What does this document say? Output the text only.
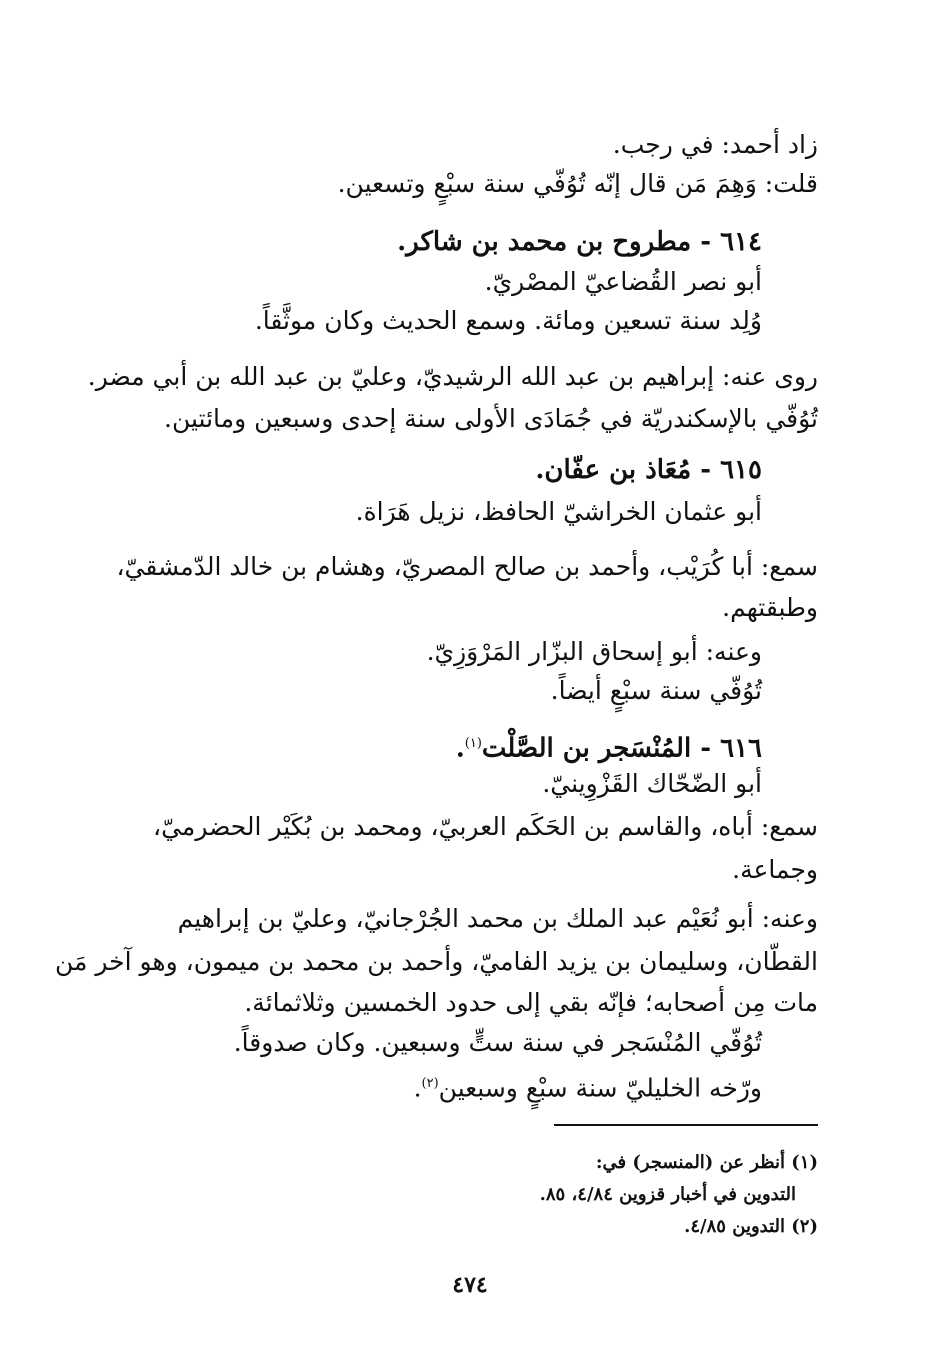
زاد أحمد: في رجب.
قلت: وَهِمَ مَن قال إنّه تُوُفّي سنة سبْعٍ وتسعين.
٦١٤ - مطروح بن محمد بن شاكر.
أبو نصر القُضاعيّ المصْريّ.
وُلِد سنة تسعين ومائة. وسمع الحديث وكان موثَّقاً.
روى عنه: إبراهيم بن عبد الله الرشيديّ، وعليّ بن عبد الله بن أبي مضر.
تُوُفّي بالإسكندريّة في جُمَادَى الأولى سنة إحدى وسبعين ومائتين.
٦١٥ - مُعَاذ بن عفّان.
أبو عثمان الخراشيّ الحافظ، نزيل هَرَاة.
سمع: أبا كُرَيْب، وأحمد بن صالح المصريّ، وهشام بن خالد الدّمشقيّ،
وطبقتهم.
وعنه: أبو إسحاق البزّار المَرْوَزِيّ.
تُوُفّي سنة سبْعٍ أيضاً.
٦١٦ - المُنْسَجر بن الصَّلْت$^{(١)}$.
أبو الضّحّاك القَزْوِينيّ.
سمع: أباه، والقاسم بن الحَكَم العربيّ، ومحمد بن بُكَيْر الحضرميّ،
وجماعة.
وعنه: أبو نُعَيْم عبد الملك بن محمد الجُرْجانيّ، وعليّ بن إبراهيم
القطّان، وسليمان بن يزيد الفاميّ، وأحمد بن محمد بن ميمون، وهو آخر مَن
مات مِن أصحابه؛ فإنّه بقي إلى حدود الخمسين وثلاثمائة.
تُوُفّي المُنْسَجر في سنة ستٍّ وسبعين. وكان صدوقاً.
ورّخه الخليليّ سنة سبْعٍ وسبعين$^{(٢)}$.
(١) أنظر عن (المنسجر) في:
التدوين في أخبار قزوين ٤/٨٤، ٨٥.
(٢) التدوين ٤/٨٥.
٤٧٤
